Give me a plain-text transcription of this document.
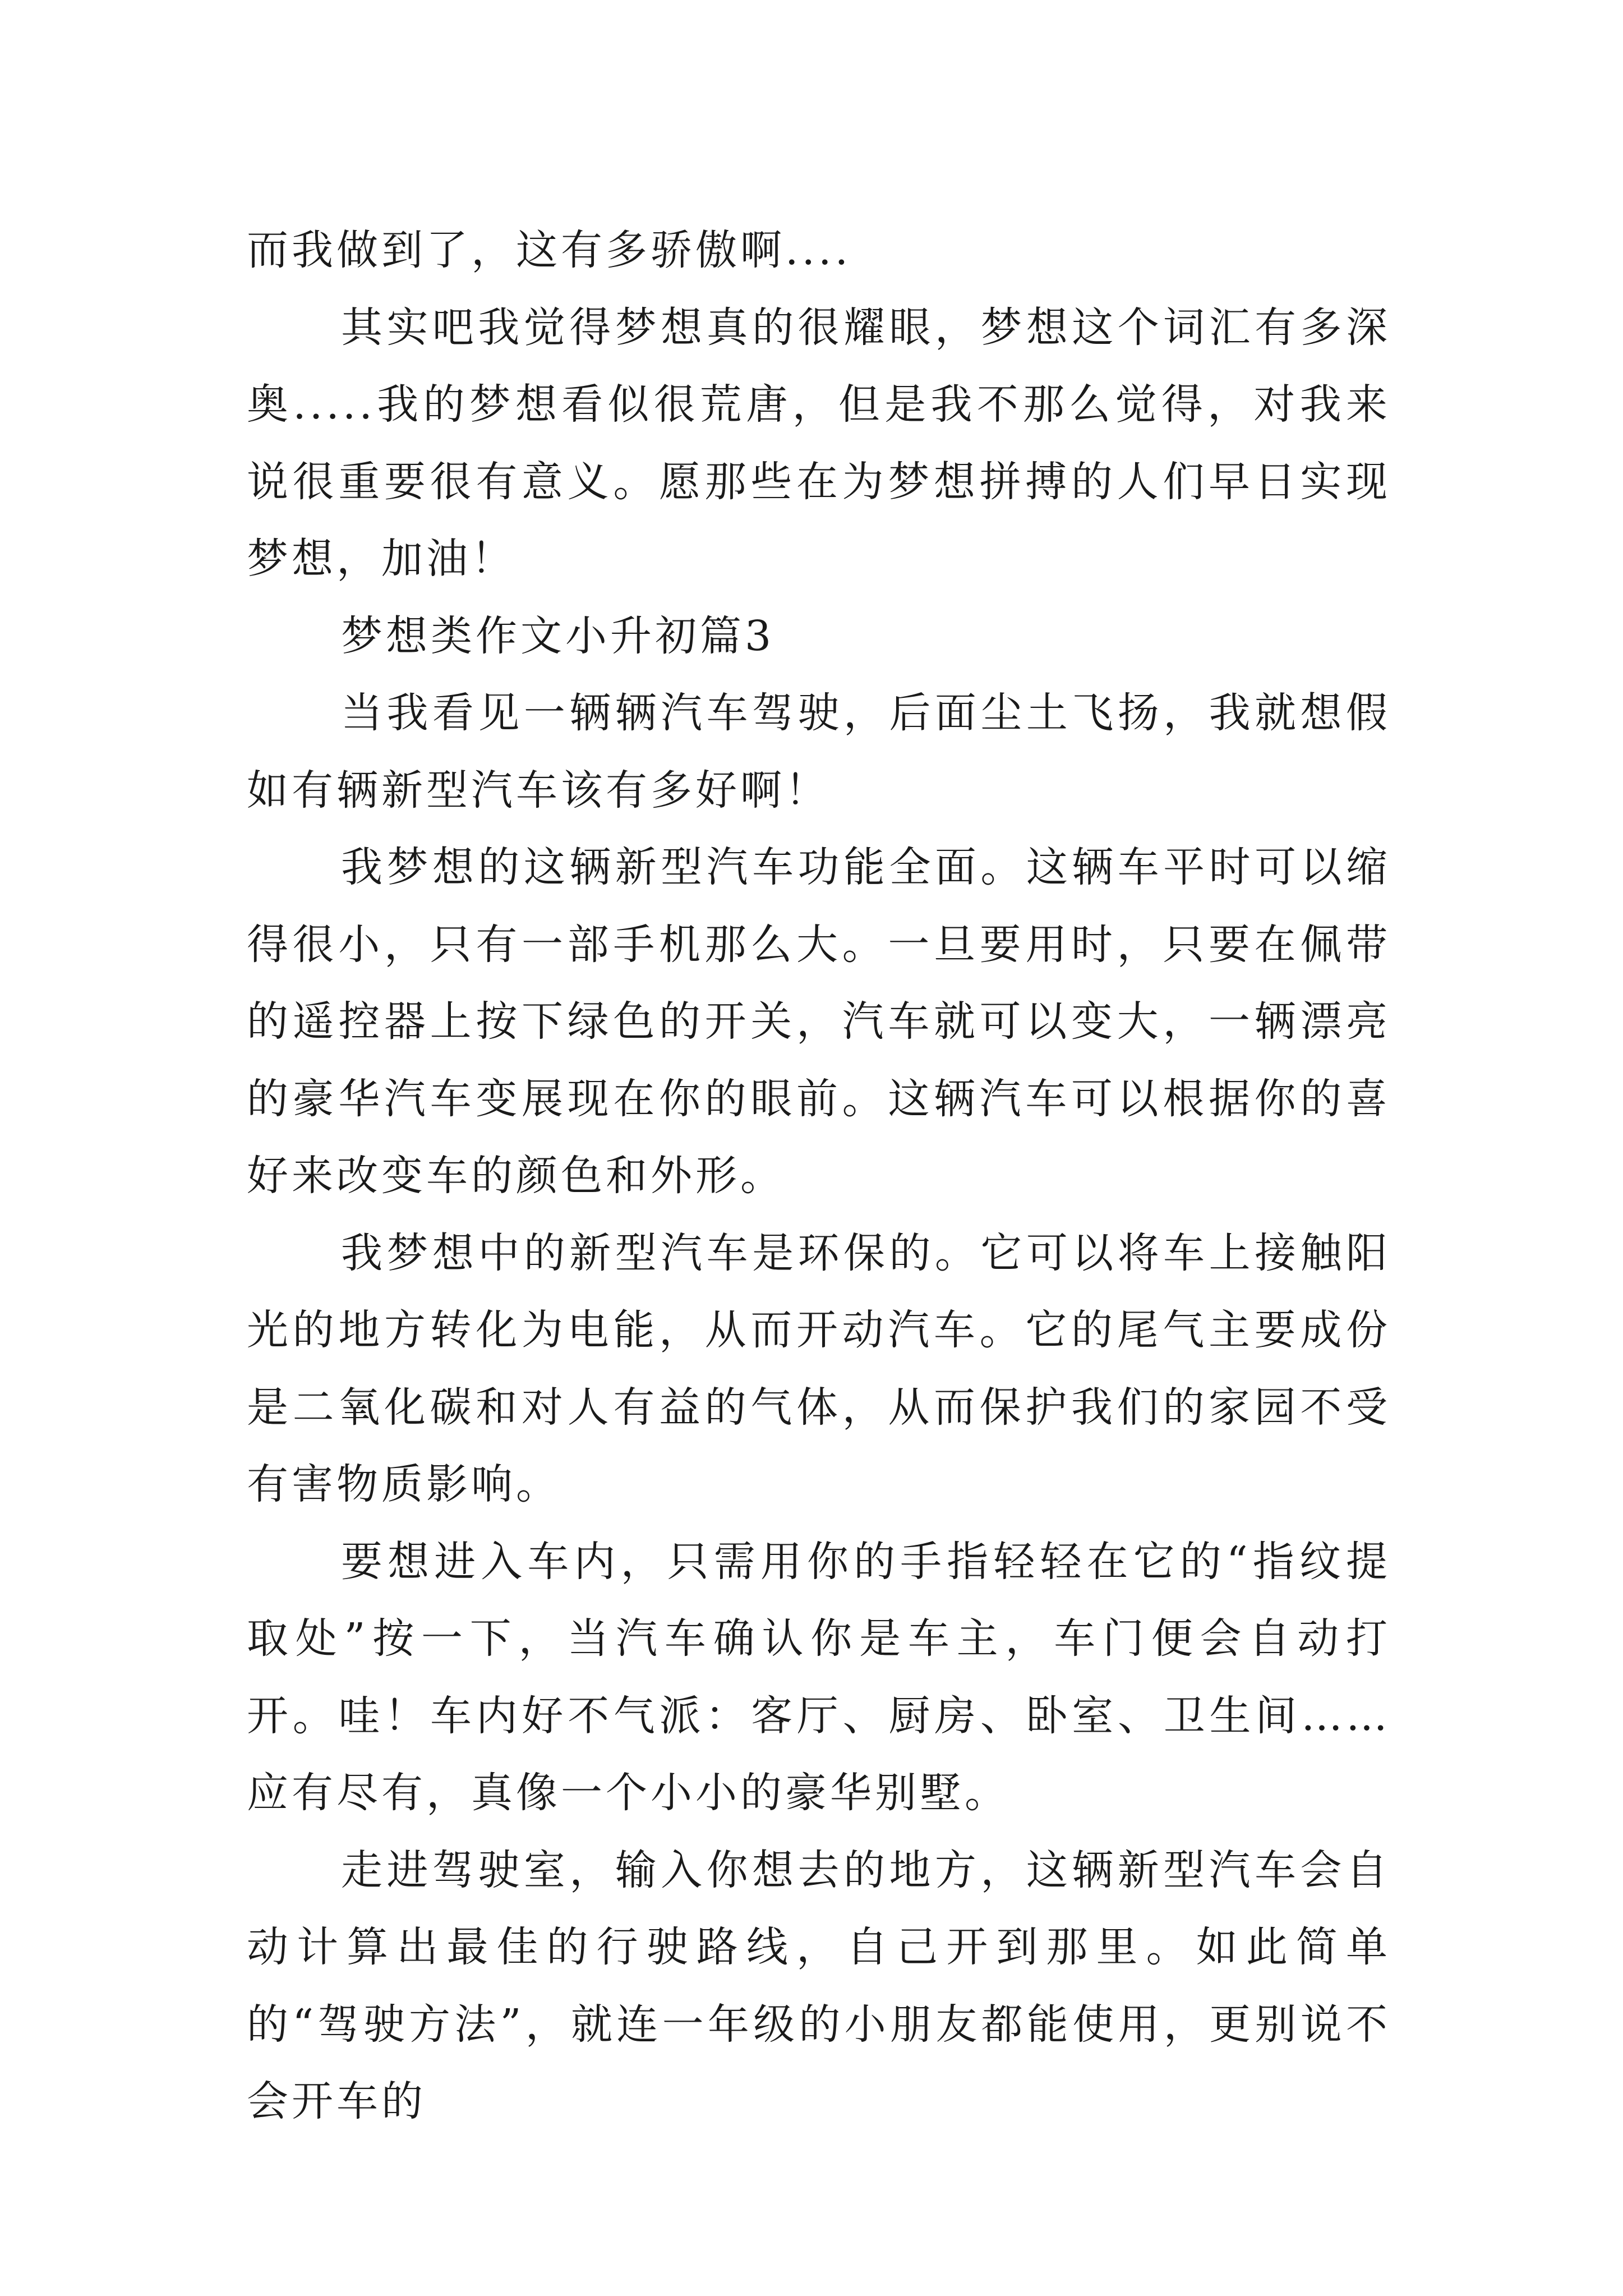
而我做到了，这有多骄傲啊....

其实吧我觉得梦想真的很耀眼，梦想这个词汇有多深奥.....我的梦想看似很荒唐，但是我不那么觉得，对我来说很重要很有意义。愿那些在为梦想拼搏的人们早日实现梦想，加油！

梦想类作文小升初篇3

当我看见一辆辆汽车驾驶，后面尘土飞扬，我就想假如有辆新型汽车该有多好啊！

我梦想的这辆新型汽车功能全面。这辆车平时可以缩得很小，只有一部手机那么大。一旦要用时，只要在佩带的遥控器上按下绿色的开关，汽车就可以变大，一辆漂亮的豪华汽车变展现在你的眼前。这辆汽车可以根据你的喜好来改变车的颜色和外形。

我梦想中的新型汽车是环保的。它可以将车上接触阳光的地方转化为电能，从而开动汽车。它的尾气主要成份是二氧化碳和对人有益的气体，从而保护我们的家园不受有害物质影响。

要想进入车内，只需用你的手指轻轻在它的“指纹提取处”按一下，当汽车确认你是车主，车门便会自动打开。哇！车内好不气派：客厅、厨房、卧室、卫生间……应有尽有，真像一个小小的豪华别墅。

走进驾驶室，输入你想去的地方，这辆新型汽车会自动计算出最佳的行驶路线，自己开到那里。如此简单的“驾驶方法”，就连一年级的小朋友都能使用，更别说不会开车的
